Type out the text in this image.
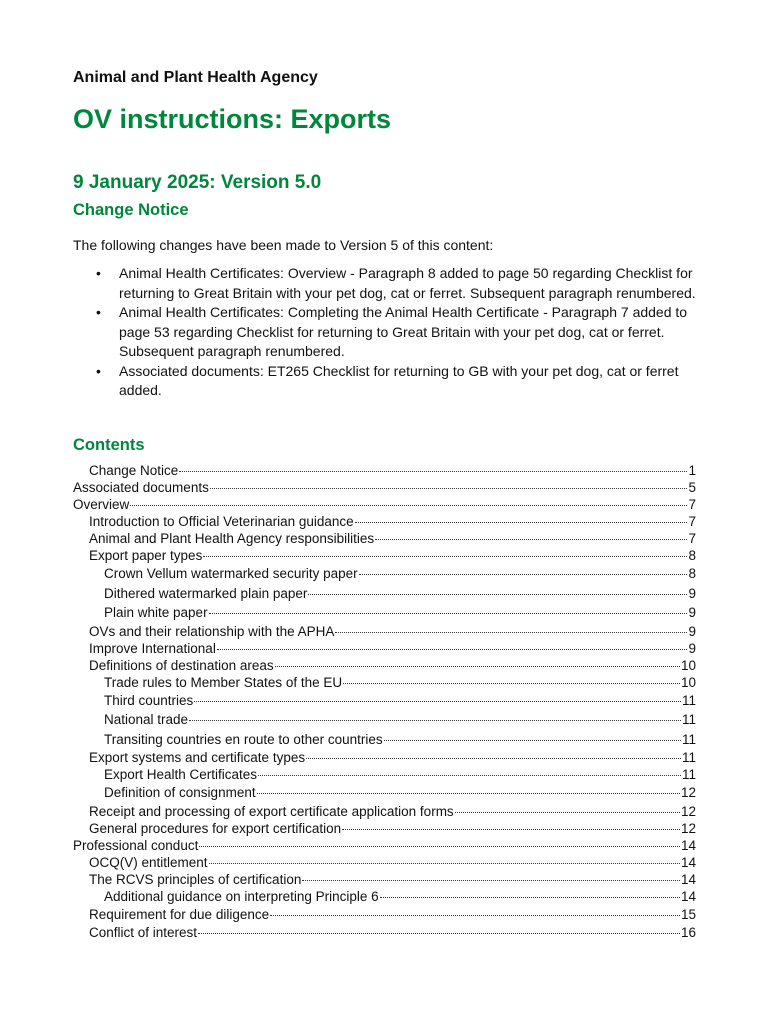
Animal and Plant Health Agency

OV instructions: Exports
9 January 2025: Version 5.0
Change Notice

The following changes have been made to Version 5 of this content:

• Animal Health Certificates: Overview - Paragraph 8 added to page 50 regarding Checklist for returning to Great Britain with your pet dog, cat or ferret. Subsequent paragraph renumbered.
• Animal Health Certificates: Completing the Animal Health Certificate - Paragraph 7 added to page 53 regarding Checklist for returning to Great Britain with your pet dog, cat or ferret. Subsequent paragraph renumbered.
• Associated documents: ET265 Checklist for returning to GB with your pet dog, cat or ferret added.
Contents
Change Notice	1
Associated documents	5
Overview	7
Introduction to Official Veterinarian guidance	7
Animal and Plant Health Agency responsibilities	7
Export paper types	8
Crown Vellum watermarked security paper	8
Dithered watermarked plain paper	9
Plain white paper	9
OVs and their relationship with the APHA	9
Improve International	9
Definitions of destination areas	10
Trade rules to Member States of the EU	10
Third countries	11
National trade	11
Transiting countries en route to other countries	11
Export systems and certificate types	11
Export Health Certificates	11
Definition of consignment	12
Receipt and processing of export certificate application forms	12
General procedures for export certification	12
Professional conduct	14
OCQ(V) entitlement	14
The RCVS principles of certification	14
Additional guidance on interpreting Principle 6	14
Requirement for due diligence	15
Conflict of interest	16
